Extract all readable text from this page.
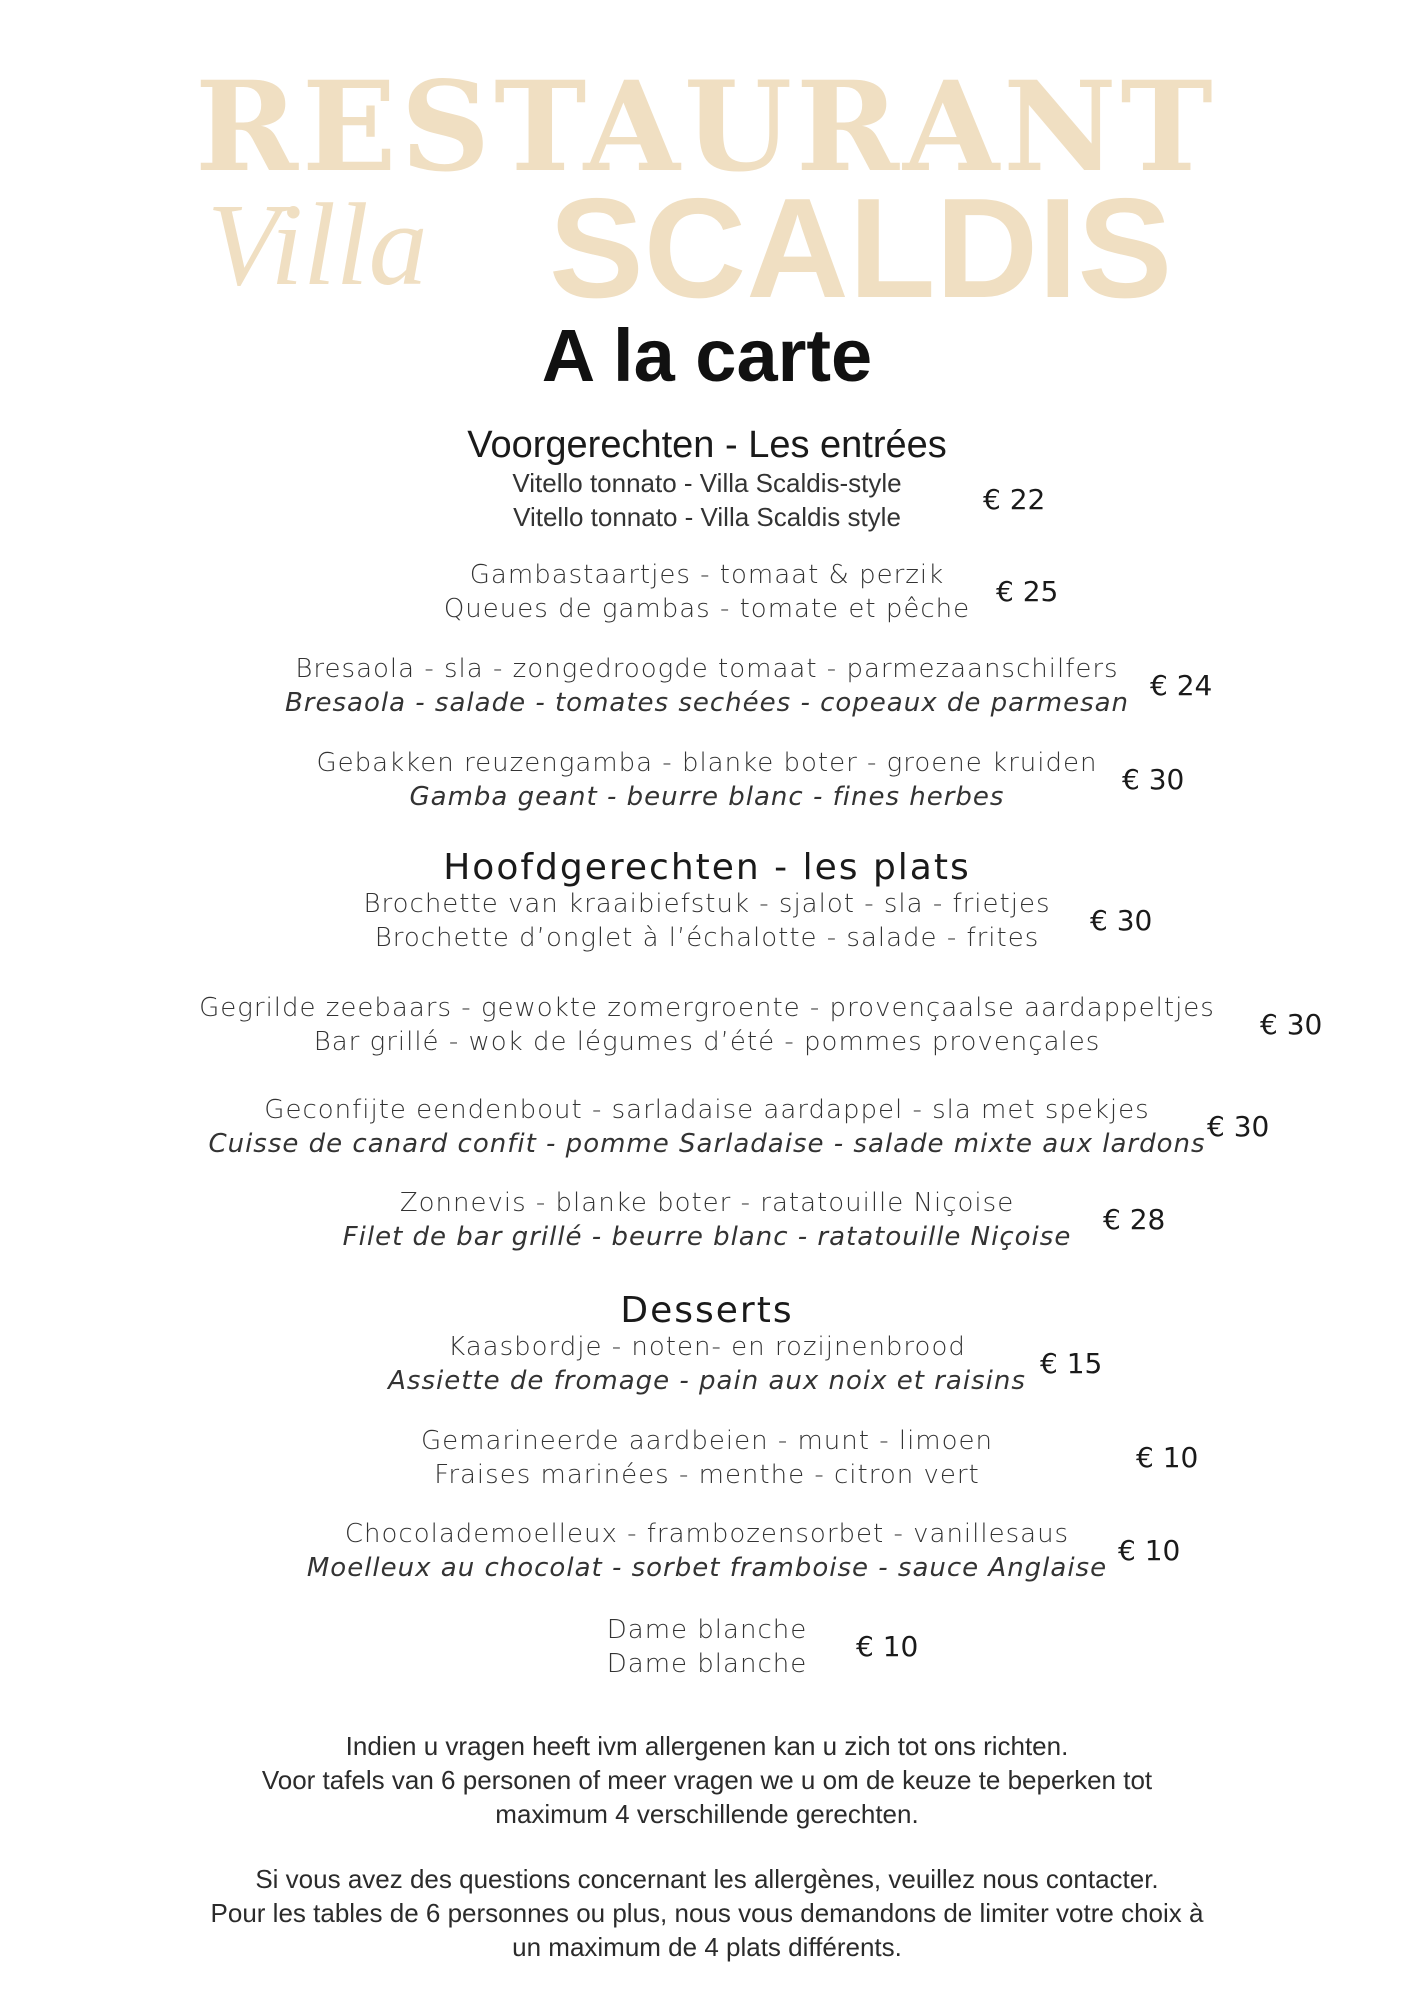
RESTAURANT
Villa SCALDIS
A la carte
Voorgerechten - Les entrées
Vitello tonnato - Villa Scaldis-style
Vitello tonnato - Villa Scaldis style
€ 22
Gambastaartjes - tomaat & perzik
Queues de gambas - tomate et pêche
€ 25
Bresaola - sla - zongedroogde tomaat - parmezaanschilfers
Bresaola - salade - tomates sechées - copeaux de parmesan
€ 24
Gebakken reuzengamba - blanke boter - groene kruiden
Gamba geant - beurre blanc - fines herbes
€ 30
Hoofdgerechten - les plats
Brochette van kraaibiefstuk - sjalot - sla - frietjes
Brochette d’onglet à l’échalotte - salade - frites
€ 30
Gegrilde zeebaars - gewokte zomergroente - provençaalse aardappeltjes
Bar grillé - wok de légumes d’été - pommes provençales
€ 30
Geconfijte eendenbout - sarladaise aardappel - sla met spekjes
Cuisse de canard confit - pomme Sarladaise - salade mixte aux lardons
€ 30
Zonnevis - blanke boter - ratatouille Niçoise
Filet de bar grillé - beurre blanc - ratatouille Niçoise
€ 28
Desserts
Kaasbordje - noten- en rozijnenbrood
Assiette de fromage - pain aux noix et raisins
€ 15
Gemarineerde aardbeien - munt - limoen
Fraises marinées - menthe - citron vert
€ 10
Chocolademoelleux - frambozensorbet - vanillesaus
Moelleux au chocolat - sorbet framboise - sauce Anglaise
€ 10
Dame blanche
Dame blanche
€ 10
Indien u vragen heeft ivm allergenen kan u zich tot ons richten.
Voor tafels van 6 personen of meer vragen we u om de keuze te beperken tot
maximum 4 verschillende gerechten.
Si vous avez des questions concernant les allergènes, veuillez nous contacter.
Pour les tables de 6 personnes ou plus, nous vous demandons de limiter votre choix à
un maximum de 4 plats différents.
